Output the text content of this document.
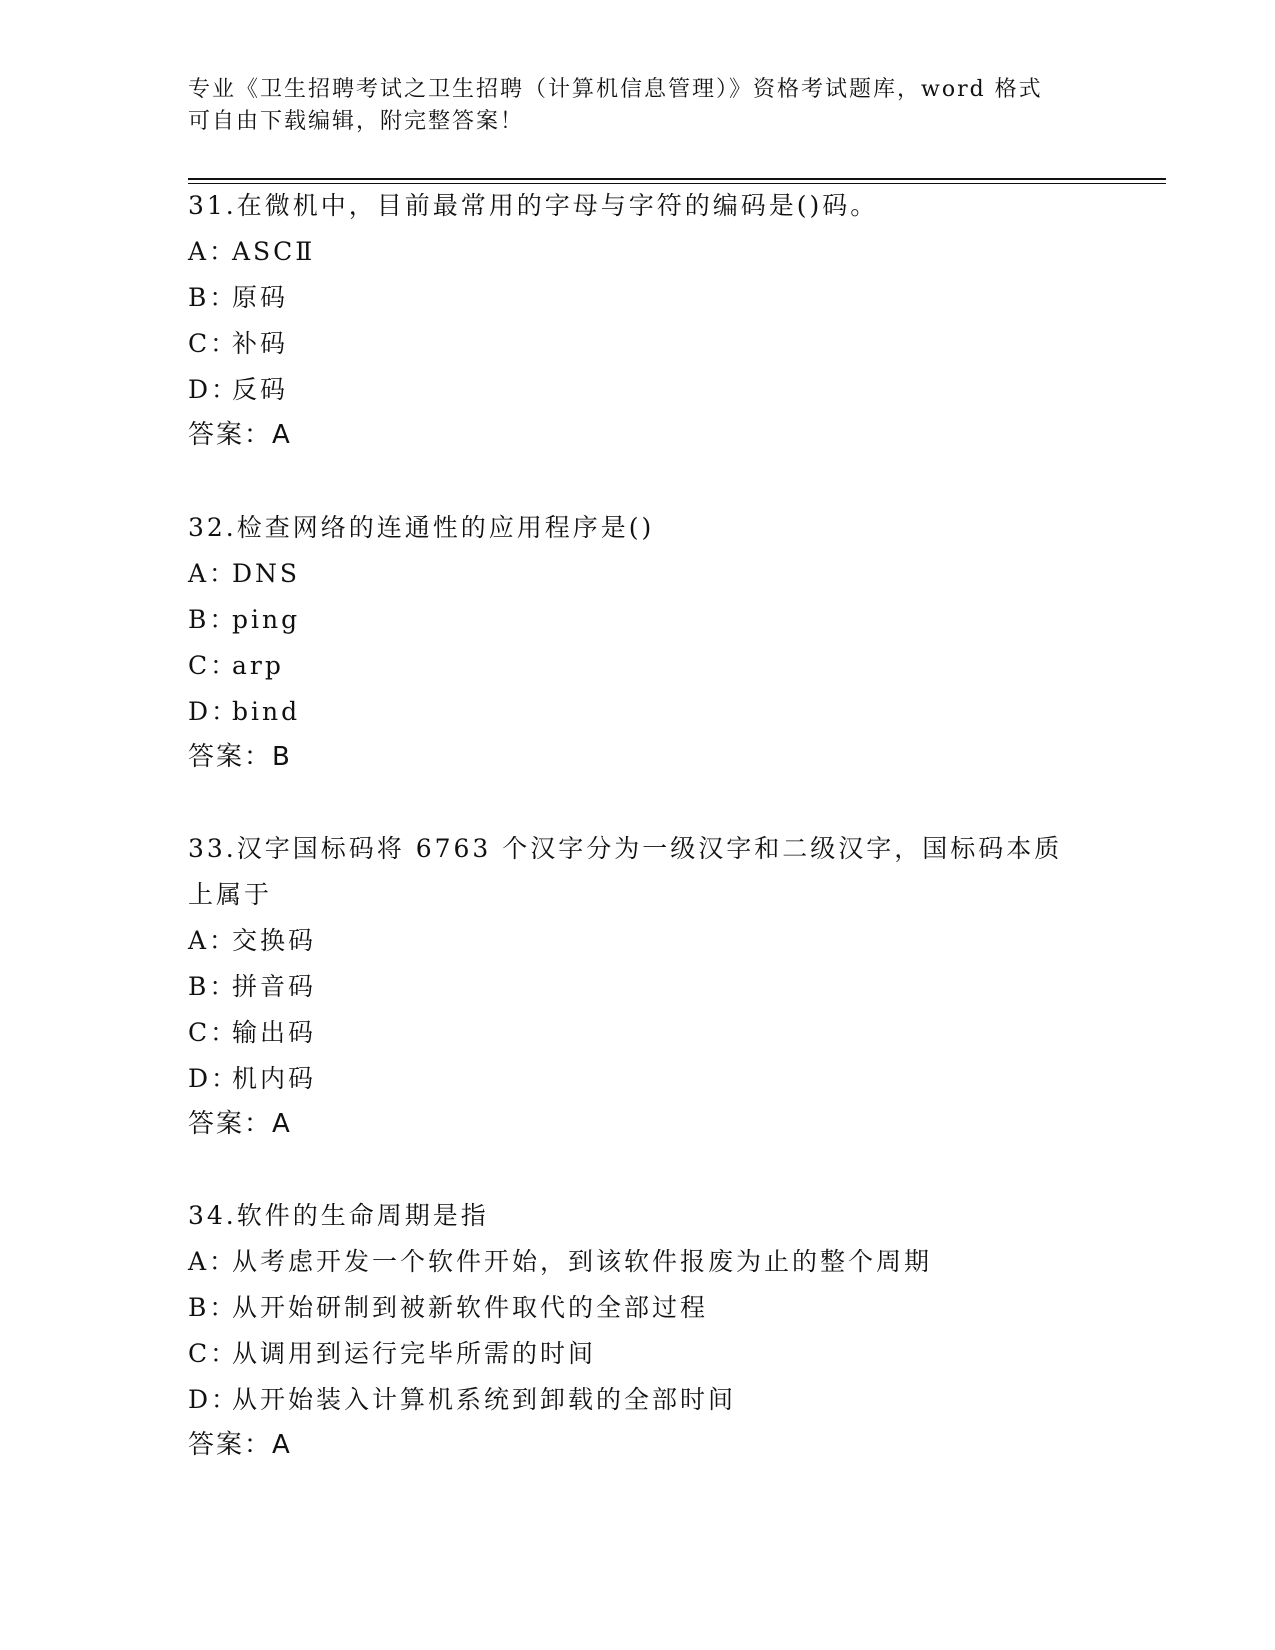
专业《卫生招聘考试之卫生招聘（计算机信息管理）》资格考试题库，word 格式
可自由下载编辑，附完整答案！
31.在微机中，目前最常用的字母与字符的编码是()码。
A：ASCⅡ
B：原码
C：补码
D：反码
答案：A
32.检查网络的连通性的应用程序是()
A：DNS
B：ping
C：arp
D：bind
答案：B
33.汉字国标码将 6763 个汉字分为一级汉字和二级汉字，国标码本质
上属于
A：交换码
B：拼音码
C：输出码
D：机内码
答案：A
34.软件的生命周期是指
A：从考虑开发一个软件开始，到该软件报废为止的整个周期
B：从开始研制到被新软件取代的全部过程
C：从调用到运行完毕所需的时间
D：从开始装入计算机系统到卸载的全部时间
答案：A
